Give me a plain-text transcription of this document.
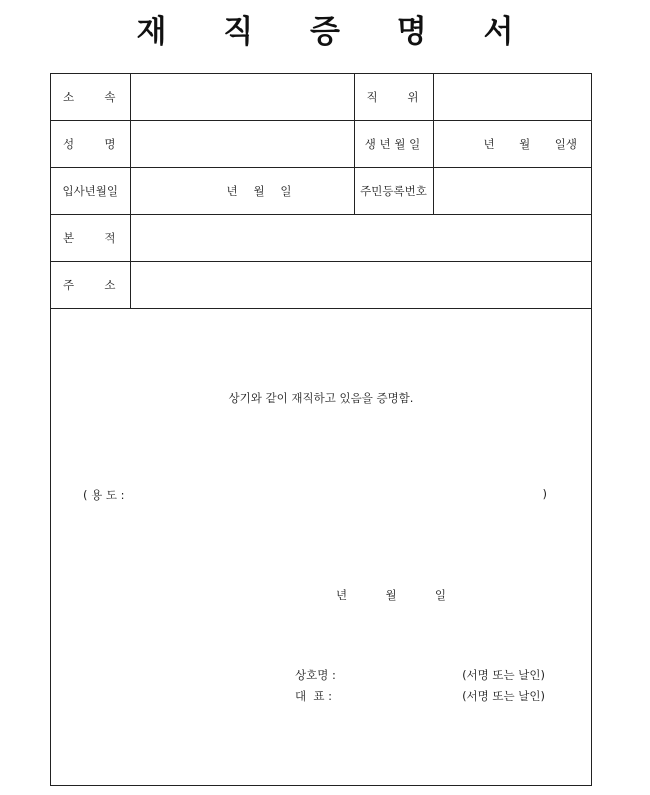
재 직 증 명 서
소 속		직 위	

성 명		생 년 월 일	년 월 일생

입사년월일	년 월 일	주민등록번호	

본 적			

주 소			

상기와 같이 재직하고 있음을 증명함.
( 용 도 :	)
년	월	일
상호명 :	(서명 또는 날인)
대  표 :	(서명 또는 날인)
